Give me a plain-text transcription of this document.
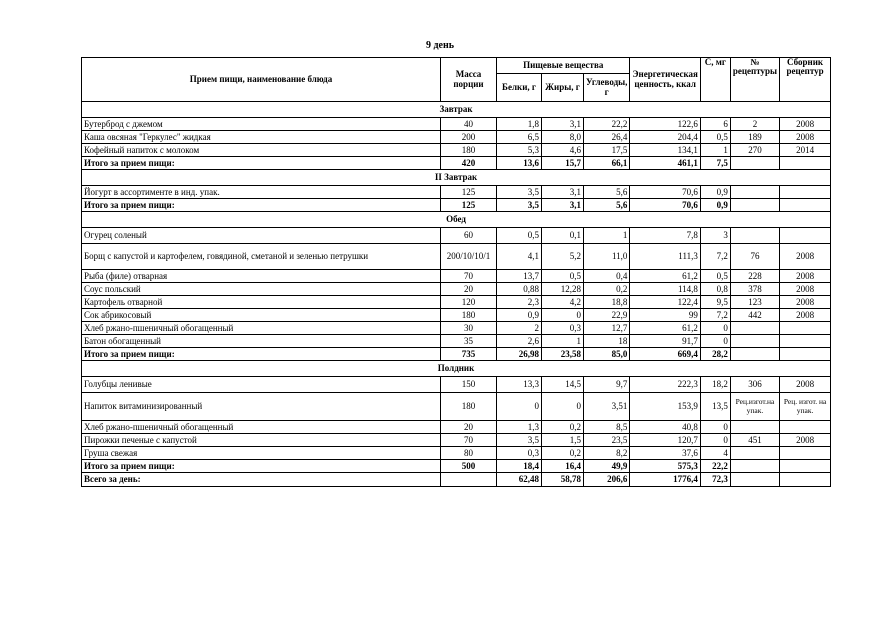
9 день
Прием пищи, наименование блюда	Масса порции	Пищевые вещества			Энергетическая ценность, ккал	С, мг	№ рецептуры	Сборник рецептур
		Белки, г	Жиры, г	Углеводы, г				
Завтрак								
Бутерброд с джемом	40	1,8	3,1	22,2	122,6	6	2	2008
Каша овсяная "Геркулес" жидкая	200	6,5	8,0	26,4	204,4	0,5	189	2008
Кофейный напиток с молоком	180	5,3	4,6	17,5	134,1	1	270	2014
Итого за прием пищи:	420	13,6	15,7	66,1	461,1	7,5		
II Завтрак								
Йогурт в ассортименте в инд. упак.	125	3,5	3,1	5,6	70,6	0,9		
Итого за прием пищи:	125	3,5	3,1	5,6	70,6	0,9		
Обед								
Огурец соленый	60	0,5	0,1	1	7,8	3		
Борщ с капустой и картофелем, говядиной, сметаной и зеленью петрушки	200/10/10/1	4,1	5,2	11,0	111,3	7,2	76	2008
Рыба (филе) отварная	70	13,7	0,5	0,4	61,2	0,5	228	2008
Соус польский	20	0,88	12,28	0,2	114,8	0,8	378	2008
Картофель отварной	120	2,3	4,2	18,8	122,4	9,5	123	2008
Сок абрикосовый	180	0,9	0	22,9	99	7,2	442	2008
Хлеб ржано-пшеничный обогащенный	30	2	0,3	12,7	61,2	0		
Батон обогащенный	35	2,6	1	18	91,7	0		
Итого за прием пищи:	735	26,98	23,58	85,0	669,4	28,2		
Полдник								
Голубцы ленивые	150	13,3	14,5	9,7	222,3	18,2	306	2008
Напиток витаминизированный	180	0	0	3,51	153,9	13,5	Рец.изгот.на упак.	Рец. изгот. на упак.
Хлеб ржано-пшеничный обогащенный	20	1,3	0,2	8,5	40,8	0		
Пирожки печеные с капустой	70	3,5	1,5	23,5	120,7	0	451	2008
Груша свежая	80	0,3	0,2	8,2	37,6	4		
Итого за прием пищи:	500	18,4	16,4	49,9	575,3	22,2		
Всего за день:		62,48	58,78	206,6	1776,4	72,3		
